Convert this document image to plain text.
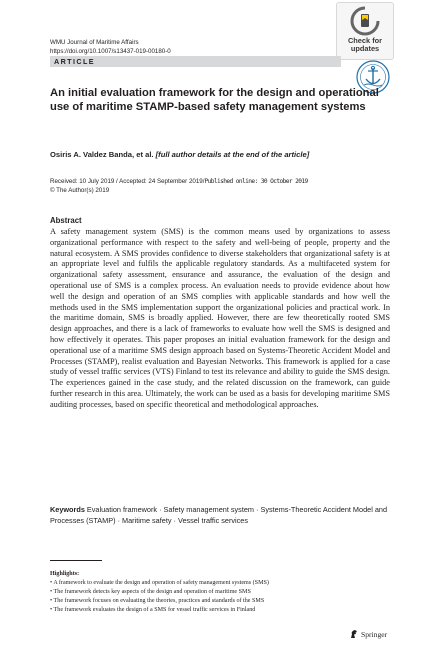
WMU Journal of Maritime Affairs
https://doi.org/10.1007/s13437-019-00180-0
Check for
updates
ARTICLE
An initial evaluation framework for the design and operational use of maritime STAMP-based safety management systems
Osiris A. Valdez Banda, et al. [full author details at the end of the article]
Received: 10 July 2019 / Accepted: 24 September 2019/Published online: 30 October 2019
© The Author(s) 2019
Abstract
A safety management system (SMS) is the common means used by organizations to assess organizational performance with respect to the safety and well-being of people, property and the natural ecosystem. A SMS provides confidence to diverse stakeholders that organizational safety is at an appropriate level and fulfils the applicable regulatory standards. As a multifaceted system for organizational safety assessment, ensurance and assurance, the evaluation of the design and operational use of SMS is a complex process. An evaluation needs to provide evidence about how well the design and operation of an SMS complies with applicable standards and how well the methods used in the SMS implementation support the organizational policies and practical work. In the maritime domain, SMS is broadly applied. However, there are few theoretically rooted SMS design approaches, and there is a lack of frameworks to evaluate how well the SMS is designed and how effectively it operates. This paper proposes an initial evaluation framework for the design and operational use of a maritime SMS design approach based on Systems-Theoretic Accident Model and Processes (STAMP), realist evaluation and Bayesian Networks. This framework is applied for a case study of vessel traffic services (VTS) Finland to test its relevance and ability to guide the SMS design. The experiences gained in the case study, and the related discussion on the framework, can guide further research in this area. Ultimately, the work can be used as a basis for developing maritime SMS auditing processes, based on specific theoretical and methodological approaches.
Keywords Evaluation framework · Safety management system · Systems-Theoretic Accident Model and Processes (STAMP) · Maritime safety · Vessel traffic services
Highlights:
• A framework to evaluate the design and operation of safety management systems (SMS)
• The framework detects key aspects of the design and operation of maritime SMS
• The framework focuses on evaluating the theories, practices and standards of the SMS
• The framework evaluates the design of a SMS for vessel traffic services in Finland
Springer
